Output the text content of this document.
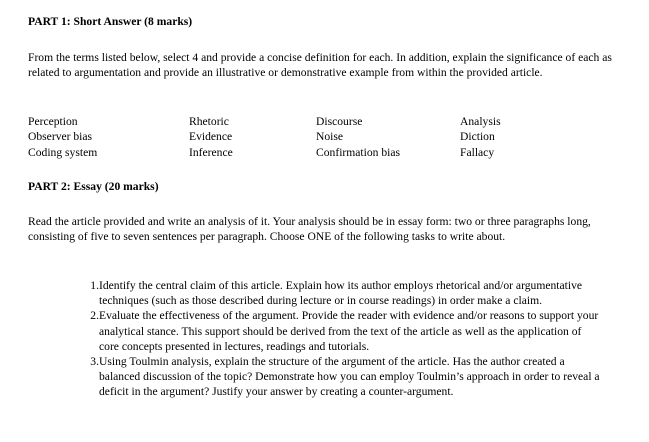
PART 1: Short Answer (8 marks)

From the terms listed below, select 4 and provide a concise definition for each. In addition, explain the significance of each as related to argumentation and provide an illustrative or demonstrative example from within the provided article.

Perception	Rhetoric	Discourse	Analysis
Observer bias	Evidence	Noise	Diction
Coding system	Inference	Confirmation bias	Fallacy

PART 2: Essay (20 marks)

Read the article provided and write an analysis of it. Your analysis should be in essay form: two or three paragraphs long, consisting of five to seven sentences per paragraph. Choose ONE of the following tasks to write about.

1. Identify the central claim of this article. Explain how its author employs rhetorical and/or argumentative techniques (such as those described during lecture or in course readings) in order make a claim.
2. Evaluate the effectiveness of the argument. Provide the reader with evidence and/or reasons to support your analytical stance. This support should be derived from the text of the article as well as the application of core concepts presented in lectures, readings and tutorials.
3. Using Toulmin analysis, explain the structure of the argument of the article. Has the author created a balanced discussion of the topic? Demonstrate how you can employ Toulmin’s approach in order to reveal a deficit in the argument? Justify your answer by creating a counter-argument.
